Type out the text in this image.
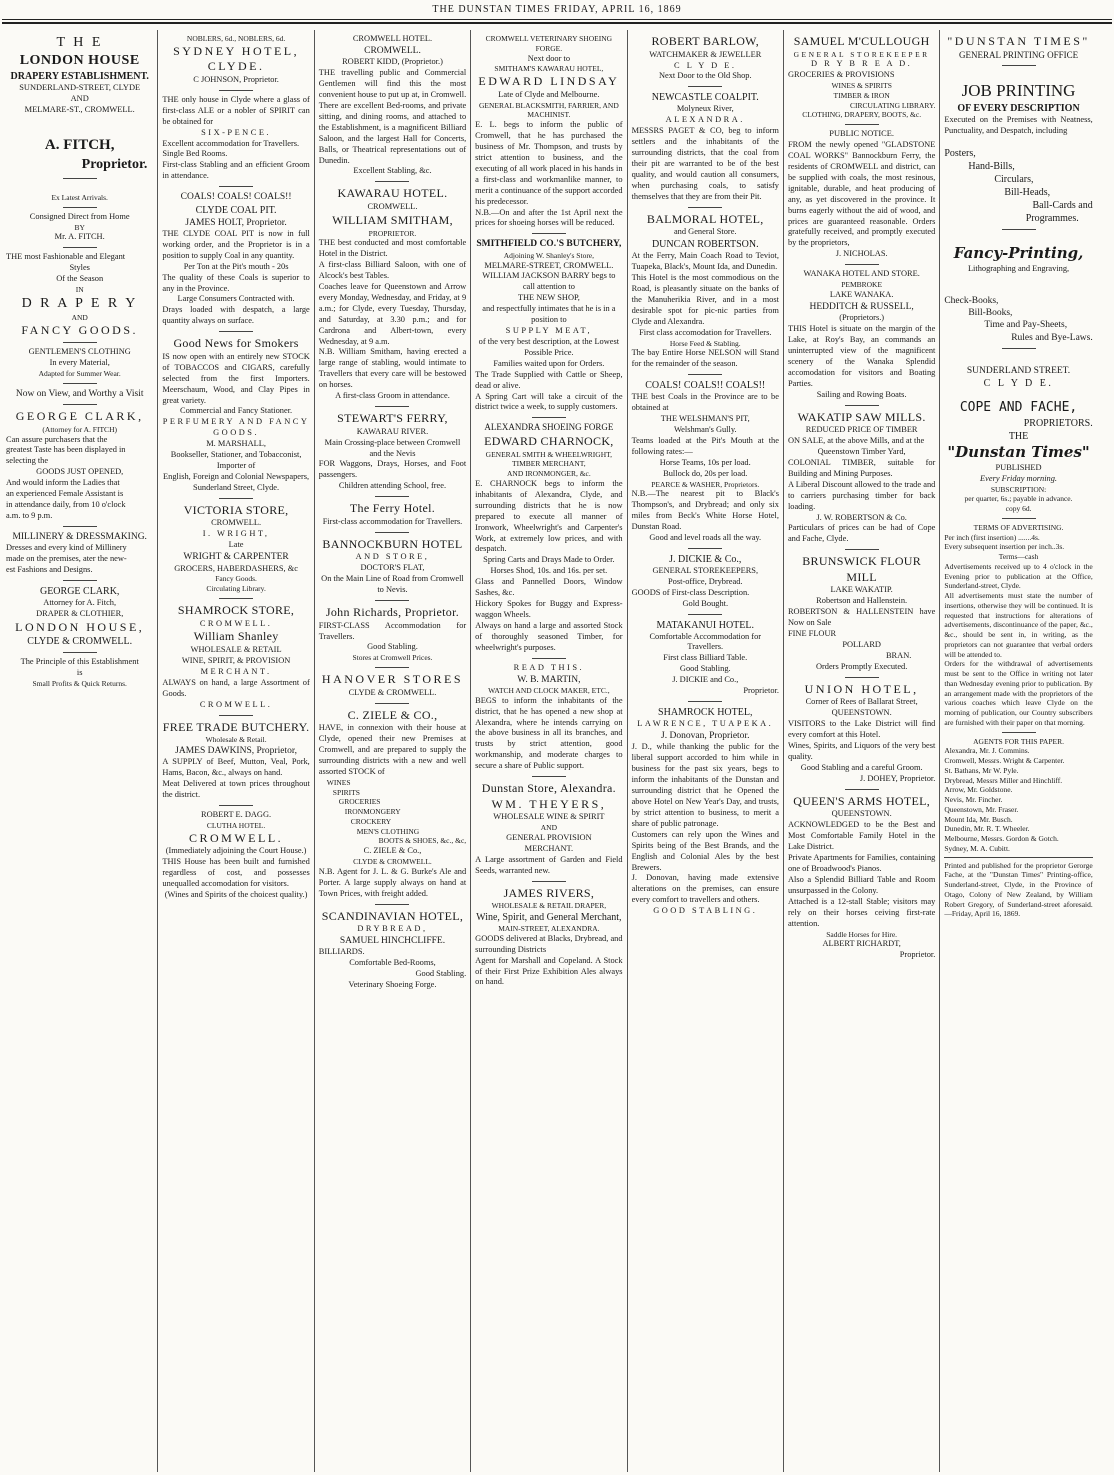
THE DUNSTAN TIMES FRIDAY, APRIL 16, 1869

T H E

LONDON HOUSE

DRAPERY ESTABLISHMENT.

SUNDERLAND-STREET, CLYDE

AND

MELMARE-ST., CROMWELL.

A. FITCH,

Proprietor.

Ex Latest Arrivals.

Consigned Direct from Home

BY

Mr. A. FITCH.

THE most Fashionable and Elegant

Styles

Of the Season

IN

D R A P E R Y

AND

FANCY GOODS.

GENTLEMEN'S CLOTHING

In every Material,

Adapted for Summer Wear.

Now on View, and Worthy a Visit

GEORGE CLARK,

(Attorney for A. FITCH)

Can assure purchasers that the

greatest Taste has been displayed in

selecting the

GOODS JUST OPENED,

And would inform the Ladies that

an experienced Female Assistant is

in attendance daily, from 10 o'clock

a.m. to 9 p.m.

MILLINERY & DRESSMAKING.

Dresses and every kind of Millinery

made on the premises, ater the new-

est Fashions and Designs.

GEORGE CLARK,

Attorney for A. Fitch,

DRAPER & CLOTHIER,

LONDON HOUSE,

CLYDE & CROMWELL.

The Principle of this Establishment

is

Small Profits & Quick Returns.

NOBLERS, 6d., NOBLERS, 6d.

SYDNEY HOTEL,

CLYDE.

C JOHNSON, Proprietor.

THE only house in Clyde where a glass of first-class ALE or a nobler of SPIRIT can be obtained for

SIX-PENCE.

Excellent accommodation for Travellers.

Single Bed Rooms.

First-class Stabling and an efficient Groom in attendance.

COALS! COALS! COALS!!

CLYDE COAL PIT.

JAMES HOLT, Proprietor.

THE CLYDE COAL PIT is now in full working order, and the Proprietor is in a position to supply Coal in any quantity.

Per Ton at the Pit's mouth - 20s

The quality of these Coals is superior to any in the Province.

Large Consumers Contracted with.

Drays loaded with despatch, a large quantity always on surface.

Good News for Smokers

IS now open with an entirely new STOCK of TOBACCOS and CIGARS, carefully selected from the first Importers. Meerschaum, Wood, and Clay Pipes in great variety.

Commercial and Fancy Stationer.

PERFUMERY AND FANCY GOODS.

M. MARSHALL,

Bookseller, Stationer, and Tobacconist, Importer of

English, Foreign and Colonial Newspapers,

Sunderland Street, Clyde.

VICTORIA STORE,

CROMWELL.

I. WRIGHT,

Late

WRIGHT & CARPENTER

GROCERS, HABERDASHERS, &c

Fancy Goods.

Circulating Library.

SHAMROCK STORE,

CROMWELL.

William Shanley

WHOLESALE & RETAIL

WINE, SPIRIT, & PROVISION

MERCHANT.

ALWAYS on hand, a large Assortment of Goods.

CROMWELL.

FREE TRADE BUTCHERY.

Wholesale & Retail.

JAMES DAWKINS, Proprietor,

A SUPPLY of Beef, Mutton, Veal, Pork, Hams, Bacon, &c., always on hand.

Meat Delivered at town prices throughout the district.

ROBERT E. DAGG.

CLUTHA HOTEL.

CROMWELL.

(Immediately adjoining the Court House.)

THIS House has been built and furnished regardless of cost, and possesses unequalled accomodation for visitors.

(Wines and Spirits of the choicest quality.)

CROMWELL HOTEL.

CROMWELL.

ROBERT KIDD, (Proprietor.)

THE travelling public and Commercial Gentlemen will find this the most convenient house to put up at, in Cromwell. There are excellent Bed-rooms, and private sitting, and dining rooms, and attached to the Establishment, is a magnificent Billiard Saloon, and the largest Hall for Concerts, Balls, or Theatrical representations out of Dunedin.

Excellent Stabling, &c.

KAWARAU HOTEL.

CROMWELL.

WILLIAM SMITHAM,

PROPRIETOR.

THE best conducted and most comfortable Hotel in the District.

A first-class Billiard Saloon, with one of Alcock's best Tables.

Coaches leave for Queenstown and Arrow every Monday, Wednesday, and Friday, at 9 a.m.; for Clyde, every Tuesday, Thursday, and Saturday, at 3.30 p.m.; and for Cardrona and Albert-town, every Wednesday, at 9 a.m.

N.B. William Smitham, having erected a large range of stabling, would intimate to Travellers that every care will be bestowed on horses.

A first-class Groom in attendance.

STEWART'S FERRY,

KAWARAU RIVER.

Main Crossing-place between Cromwell and the Nevis

FOR Waggons, Drays, Horses, and Foot passengers.

Children attending School, free.

The Ferry Hotel.

First-class accommodation for Travellers.

BANNOCKBURN HOTEL

AND STORE,

DOCTOR'S FLAT,

On the Main Line of Road from Cromwell to Nevis.

John Richards, Proprietor.

FIRST-CLASS Accommodation for Travellers.

Good Stabling.

Stores at Cromwell Prices.

HANOVER STORES

CLYDE & CROMWELL.

C. ZIELE & CO.,

HAVE, in connexion with their house at Clyde, opened their new Premises at Cromwell, and are prepared to supply the surrounding districts with a new and well assorted STOCK of

WINES

SPIRITS

GROCERIES

IRONMONGERY

CROCKERY

MEN'S CLOTHING

BOOTS & SHOES, &c., &c,

C. ZIELE & Co.,

CLYDE & CROMWELL.

N.B. Agent for J. L. & G. Burke's Ale and Porter. A large supply always on hand at Town Prices, with freight added.

SCANDINAVIAN HOTEL,

DRYBREAD,

SAMUEL HINCHCLIFFE.

BILLIARDS.

Comfortable Bed-Rooms,

Good Stabling.

Veterinary Shoeing Forge.

CROMWELL VETERINARY SHOEING FORGE.

Next door to

SMITHAM'S KAWARAU HOTEL,

EDWARD LINDSAY

Late of Clyde and Melbourne.

GENERAL BLACKSMITH, FARRIER, AND MACHINIST.

E. L. begs to inform the public of Cromwell, that he has purchased the business of Mr. Thompson, and trusts by strict attention to business, and the executing of all work placed in his hands in a first-class and workmanlike manner, to merit a continuance of the support accorded his predecessor.

N.B.—On and after the 1st April next the prices for shoeing horses will be reduced.

SMITHFIELD CO.'S BUTCHERY,

Adjoining W. Shanley's Store,

MELMARE-STREET, CROMWELL.

WILLIAM JACKSON BARRY begs to call attention to

THE NEW SHOP,

and respectfully intimates that he is in a position to

SUPPLY MEAT,

of the very best description, at the Lowest Possible Price.

Families waited upon for Orders.

The Trade Supplied with Cattle or Sheep, dead or alive.

A Spring Cart will take a circuit of the district twice a week, to supply customers.

ALEXANDRA SHOEING FORGE

EDWARD CHARNOCK,

GENERAL SMITH & WHEELWRIGHT,

TIMBER MERCHANT,

AND IRONMONGER, &c.

E. CHARNOCK begs to inform the inhabitants of Alexandra, Clyde, and surrounding districts that he is now prepared to execute all manner of Ironwork, Wheelwright's and Carpenter's Work, at extremely low prices, and with despatch.

Spring Carts and Drays Made to Order.

Horses Shod, 10s. and 16s. per set.

Glass and Pannelled Doors, Window Sashes, &c.

Hickory Spokes for Buggy and Express-waggon Wheels.

Always on hand a large and assorted Stock of thoroughly seasoned Timber, for wheelwright's purposes.

READ THIS.

W. B. MARTIN,

WATCH AND CLOCK MAKER, ETC.,

BEGS to inform the inhabitants of the district, that he has opened a new shop at Alexandra, where he intends carrying on the above business in all its branches, and trusts by strict attention, good workmanship, and moderate charges to secure a share of Public support.

Dunstan Store, Alexandra.

WM. THEYERS,

WHOLESALE WINE & SPIRIT

AND

GENERAL PROVISION

MERCHANT.

A Large assortment of Garden and Field Seeds, warranted new.

JAMES RIVERS,

WHOLESALE & RETAIL DRAPER,

Wine, Spirit, and General Merchant,

MAIN-STREET, ALEXANDRA.

GOODS delivered at Blacks, Drybread, and surrounding Districts

Agent for Marshall and Copeland. A Stock of their First Prize Exhibition Ales always on hand.

ROBERT BARLOW,

WATCHMAKER & JEWELLER

C L Y D E.

Next Door to the Old Shop.

NEWCASTLE COALPIT.

Molyneux River,

ALEXANDRA.

MESSRS PAGET & CO, beg to inform settlers and the inhabitants of the surrounding districts, that the coal from their pit are warranted to be of the best quality, and would caution all consumers, when purchasing coals, to satisfy themselves that they are from their Pit.

BALMORAL HOTEL,

and General Store.

DUNCAN ROBERTSON.

At the Ferry, Main Coach Road to Teviot, Tuapeka, Black's, Mount Ida, and Dunedin.

This Hotel is the most commodious on the Road, is pleasantly situate on the banks of the Manuherikia River, and in a most desirable spot for pic-nic parties from Clyde and Alexandra.

First class accomodation for Travellers.

Horse Feed & Stabling.

The bay Entire Horse NELSON will Stand for the remainder of the season.

COALS! COALS!! COALS!!

THE best Coals in the Province are to be obtained at

THE WELSHMAN'S PIT,

Welshman's Gully.

Teams loaded at the Pit's Mouth at the following rates:—

Horse Teams, 10s per load.

Bullock do, 20s per load.

PEARCE & WASHER, Proprietors.

N.B.—The nearest pit to Black's Thompson's, and Drybread; and only six miles from Beck's White Horse Hotel, Dunstan Road.

Good and level roads all the way.

J. DICKIE & Co.,

GENERAL STOREKEEPERS,

Post-office, Drybread.

GOODS of First-class Description.

Gold Bought.

MATAKANUI HOTEL.

Comfortable Accommodation for Travellers.

First class Billiard Table.

Good Stabling.

J. DICKIE and Co.,

Proprietor.

SHAMROCK HOTEL,

LAWRENCE, TUAPEKA.

J. Donovan, Proprietor.

J. D., while thanking the public for the liberal support accorded to him while in business for the past six years, begs to inform the inhabitants of the Dunstan and surrounding district that he Opened the above Hotel on New Year's Day, and trusts, by strict attention to business, to merit a share of public patronage.

Customers can rely upon the Wines and Spirits being of the Best Brands, and the English and Colonial Ales by the best Brewers.

J. Donovan, having made extensive alterations on the premises, can ensure every comfort to travellers and others.

GOOD STABLING.

SAMUEL M'CULLOUGH

GENERAL STOREKEEPER

D R Y B R E A D.

GROCERIES & PROVISIONS

WINES & SPIRITS

TIMBER & IRON

CIRCULATING LIBRARY.

CLOTHING, DRAPERY, BOOTS, &c.

PUBLIC NOTICE.

FROM the newly opened "GLADSTONE COAL WORKS" Bannockburn Ferry, the residents of CROMWELL and district, can be supplied with coals, the most resinous, ignitable, durable, and heat producing of any, as yet discovered in the province. It burns eagerly without the aid of wood, and prices are guaranteed reasonable. Orders gratefully received, and promptly executed by the proprietors,

J. NICHOLAS.

WANAKA HOTEL AND STORE.

PEMBROKE

LAKE WANAKA.

HEDDITCH & RUSSELL,

(Proprietors.)

THIS Hotel is situate on the margin of the Lake, at Roy's Bay, an commands an uninterrupted view of the magnificent scenery of the Wanaka Splendid accomodation for visitors and Boating Parties.

Sailing and Rowing Boats.

WAKATIP SAW MILLS.

REDUCED PRICE OF TIMBER

ON SALE, at the above Mills, and at the

Queenstown Timber Yard,

COLONIAL TIMBER, suitable for Building and Mining Purposes.

A Liberal Discount allowed to the trade and to carriers purchasing timber for back loading.

J. W. ROBERTSON & Co.

Particulars of prices can be had of Cope and Fache, Clyde.

BRUNSWICK FLOUR MILL

LAKE WAKATIP.

Robertson and Hallenstein.

ROBERTSON & HALLENSTEIN have Now on Sale

FINE FLOUR

POLLARD

BRAN.

Orders Promptly Executed.

UNION HOTEL,

Corner of Rees of Ballarat Street,

QUEENSTOWN.

VISITORS to the Lake District will find every comfort at this Hotel.

Wines, Spirits, and Liquors of the very best quality.

Good Stabling and a careful Groom.

J. DOHEY, Proprietor.

QUEEN'S ARMS HOTEL,

QUEENSTOWN.

ACKNOWLEDGED to be the Best and Most Comfortable Family Hotel in the Lake District.

Private Apartments for Families, containing one of Broadwood's Pianos.

Also a Splendid Billiard Table and Room unsurpassed in the Colony.

Attached is a 12-stall Stable; visitors may rely on their horses ceiving first-rate attention.

Saddle Horses for Hire.

ALBERT RICHARDT,

Proprietor.

"DUNSTAN TIMES"

GENERAL PRINTING OFFICE

JOB PRINTING

OF EVERY DESCRIPTION

Executed on the Premises with Neatness, Punctuality, and Despatch, including

Posters,

Hand-Bills,

Circulars,

Bill-Heads,

Ball-Cards and

Programmes.

Fancy-Printing,

Lithographing and Engraving,

Check-Books,

Bill-Books,

Time and Pay-Sheets,

Rules and Bye-Laws.

SUNDERLAND STREET.

C L Y D E.

COPE AND FACHE,

PROPRIETORS.

THE

"Dunstan Times"

PUBLISHED

Every Friday morning.

SUBSCRIPTION:

per quarter, 6s.; payable in advance.

copy 6d.

TERMS OF ADVERTISING.

Per inch (first insertion) .......4s.

Every subsequent insertion per inch..3s.

Terms—cash

Advertisements received up to 4 o'clock in the Evening prior to publication at the Office, Sunderland-street, Clyde.

All advertisements must state the number of insertions, otherwise they will be continued. It is requested that instructions for alterations of advertisements, discontinuance of the paper, &c., &c., should be sent in, in writing, as the proprietors can not guarantee that verbal orders will be attended to.

Orders for the withdrawal of advertisements must be sent to the Office in writing not later than Wednesday evening prior to publication. By an arrangement made with the proprietors of the various coaches which leave Clyde on the morning of publication, our Country subscribers are furnished with their paper on that morning.

AGENTS FOR THIS PAPER.

Alexandra, Mr. J. Commins.

Cromwell, Messrs. Wright & Carpenter.

St. Bathans, Mr W. Pyle.

Drybread, Messrs Miller and Hinchliff.

Arrow, Mr. Goldstone.

Nevis, Mr. Fincher.

Queenstown, Mr. Fraser.

Mount Ida, Mr. Busch.

Dunedin, Mr. R. T. Wheeler.

Melbourne, Messrs. Gordon & Gotch.

Sydney, M. A. Cubitt.

Printed and published for the proprietor Gerorge Fache, at the "Dunstan Times" Printing-office, Sunderland-street, Clyde, in the Province of Otago, Colony of New Zealand, by William Robert Gregory, of Sunderland-street aforesaid.—Friday, April 16, 1869.
